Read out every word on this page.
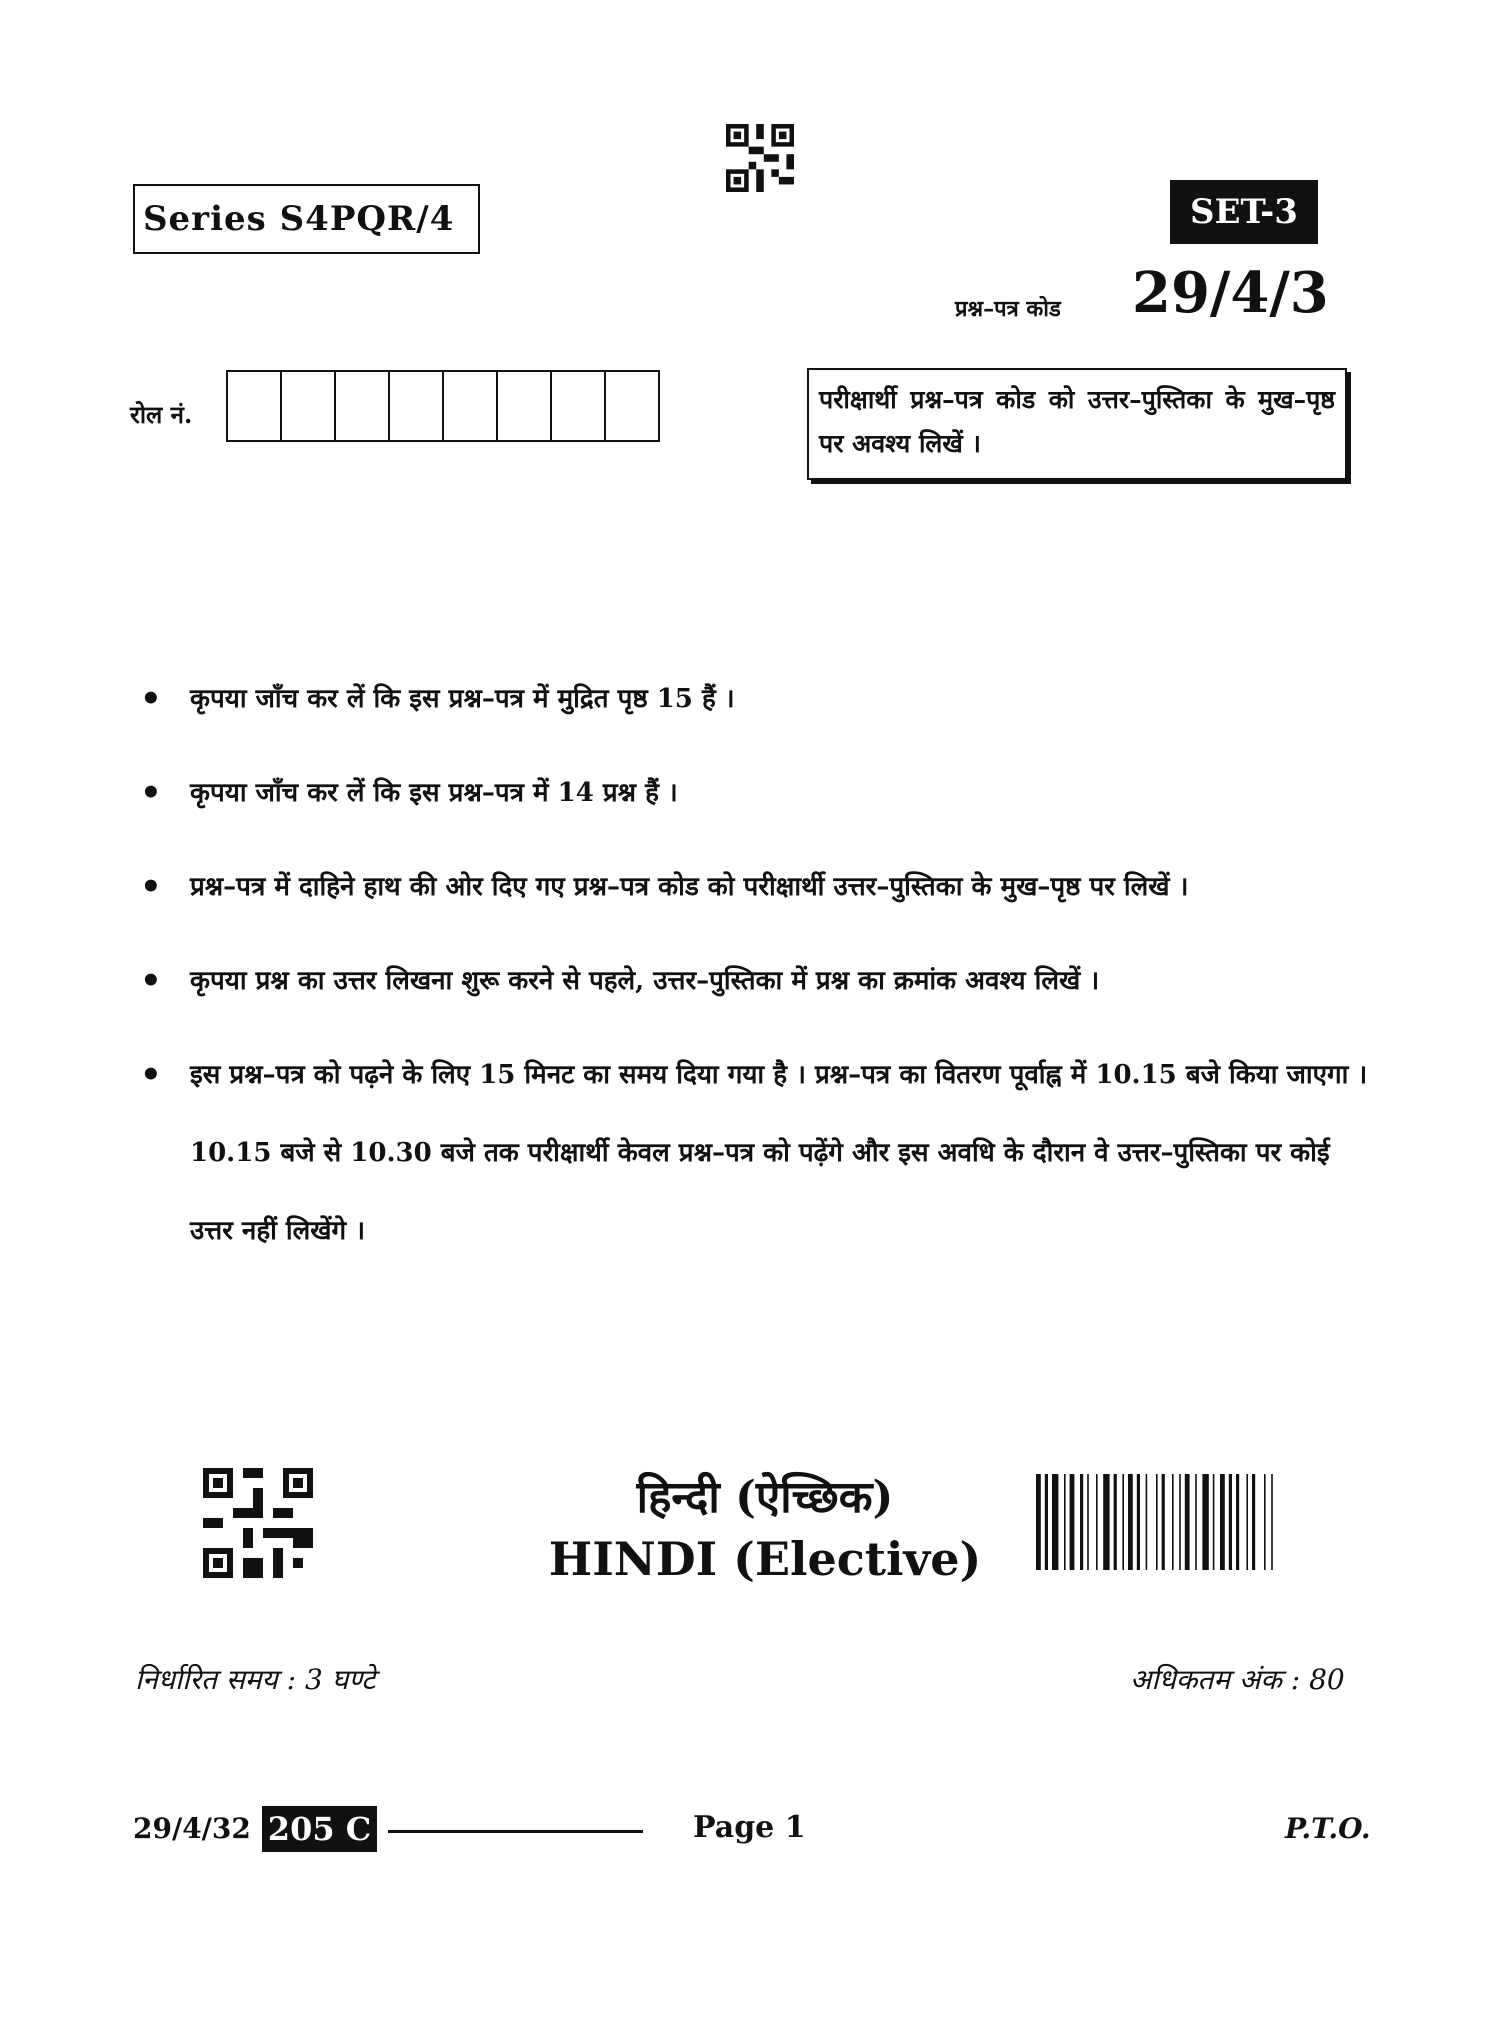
Series S4PQR/4	SET-3
प्रश्न–पत्र कोड 29/4/3
रोल नं.
परीक्षार्थी प्रश्न–पत्र कोड को उत्तर–पुस्तिका के मुख–पृष्ठ पर अवश्य लिखें ।
• कृपया जाँच कर लें कि इस प्रश्न–पत्र में मुद्रित पृष्ठ 15 हैं ।
• कृपया जाँच कर लें कि इस प्रश्न–पत्र में 14 प्रश्न हैं ।
• प्रश्न–पत्र में दाहिने हाथ की ओर दिए गए प्रश्न–पत्र कोड को परीक्षार्थी उत्तर–पुस्तिका के मुख–पृष्ठ पर लिखें ।
• कृपया प्रश्न का उत्तर लिखना शुरू करने से पहले, उत्तर–पुस्तिका में प्रश्न का क्रमांक अवश्य लिखें ।
• इस प्रश्न–पत्र को पढ़ने के लिए 15 मिनट का समय दिया गया है । प्रश्न–पत्र का वितरण पूर्वाह्न में 10.15 बजे किया जाएगा । 10.15 बजे से 10.30 बजे तक परीक्षार्थी केवल प्रश्न–पत्र को पढ़ेंगे और इस अवधि के दौरान वे उत्तर–पुस्तिका पर कोई उत्तर नहीं लिखेंगे ।
हिन्दी (ऐच्छिक)
HINDI (Elective)
निर्धारित समय : 3 घण्टे	अधिकतम अंक : 80
29/4/32 205 C	Page 1	P.T.O.
